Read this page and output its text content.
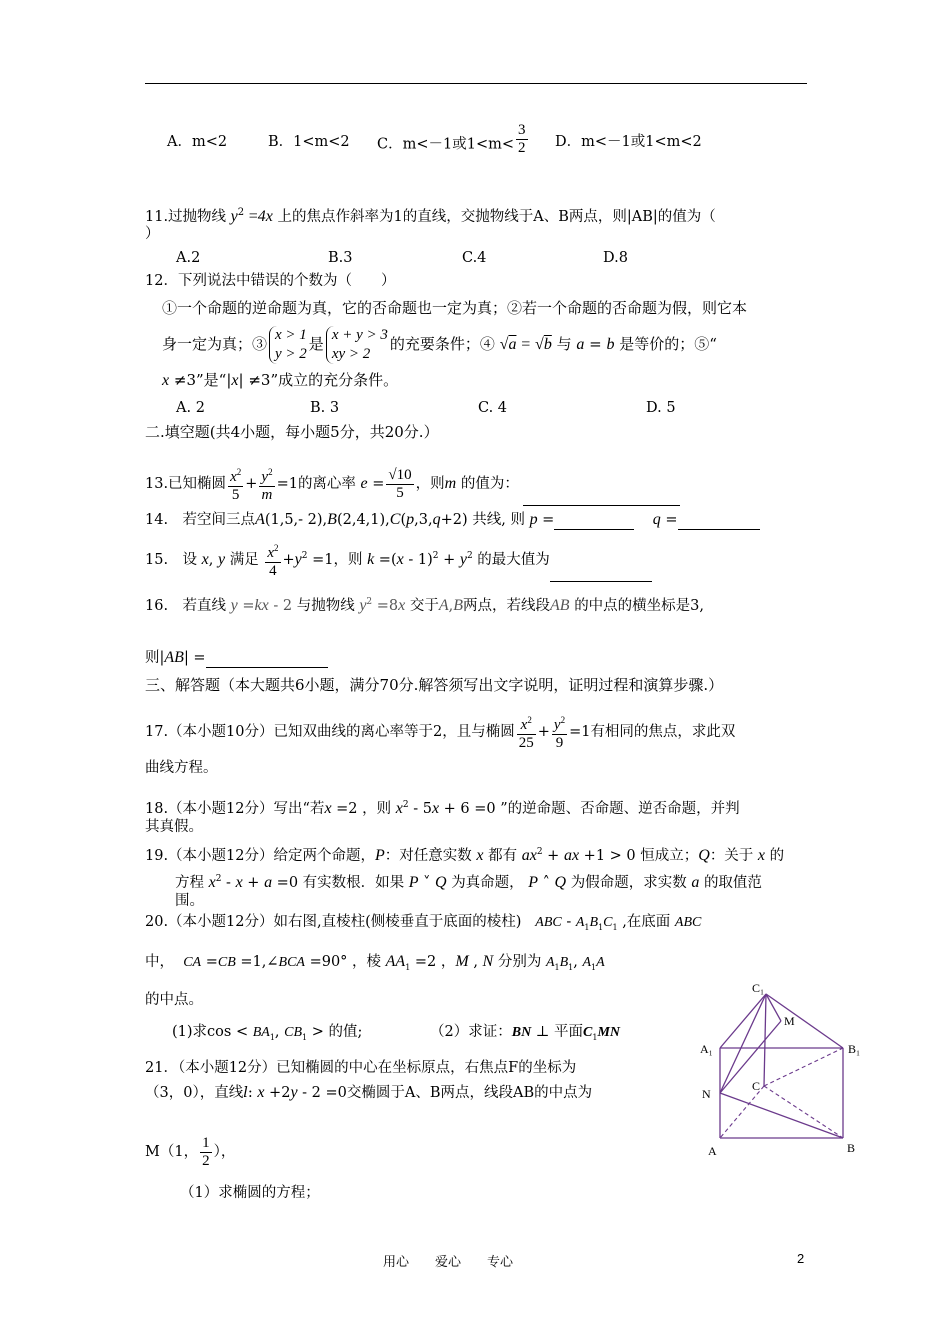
A．m<2	B．1<m<2 C．m<－1或$1<m< \frac{3}{2}$ D．m<－1或1<m<2
11.过抛物线 $y^2 =4x$ 上的焦点作斜率为1的直线，交抛物线于A、B两点，则|AB|的值为（
）
A.2	B.3	C.4	D.8
12．下列说法中错误的个数为（　　）
①一个命题的逆命题为真，它的否命题也一定为真；②若一个命题的否命题为假，则它本
身一定为真；③ x > 1
y > 2
是 x + y > 3
xy > 2
的充要条件；④ √a = √b 与 a = b 是等价的；⑤“
x ≠3”是“|x| ≠3”成立的充分条件。
A. 2	B. 3	C. 4	D. 5
二.填空题(共4小题，每小题5分，共20分.）
13.已知椭圆 $\frac{x^2}{5} + \frac{y^2}{m} =1$的离心率 $e = \frac{√10}{5}$ ，则m 的值为：
14.　若空间三点A(1,5,- 2),B(2,4,1),C(p,3,q+2) 共线, 则 p =	q =
15.　设 x, y 满足 $\frac{x^2}{4} +y^2 =1$，则 $k =(x - 1)^2 + y^2$ 的最大值为
16.　若直线 y =kx - 2 与抛物线 $y^2 =8x$ 交于A,B两点，若线段AB 的中点的横坐标是3,
则|AB| =
三、解答题（本大题共6小题，满分70分.解答须写出文字说明，证明过程和演算步骤.）
17.（本小题10分）已知双曲线的离心率等于2，且与椭圆 $\frac{x^2}{25} + \frac{y^2}{9} =1$有相同的焦点，求此双
曲线方程。
18.（本小题12分）写出“若x =2 ，则 $x^2 - 5x + 6 =0$ ”的逆命题、否命题、逆否命题，并判
其真假。
19.（本小题12分）给定两个命题，P：对任意实数 x 都有 $ax^2$ + ax +1 > 0 恒成立；Q：关于 x 的
方程 $x^2 - x + a =0$ 有实数根．如果 P ˅ Q 为真命题， P ˄ Q 为假命题，求实数 a 的取值范
围。
20.（本小题12分）如右图,直棱柱(侧棱垂直于底面的棱柱) ABC - $A_1B_1C_1$ ,在底面 ABC
中， CA =CB =1,∠BCA =90° ，棱 $AA_1 =2$ ，M , N 分别为 $A_1B_1$, $A_1A$
的中点。
(1)求$\cos < BA_1$, $CB_1$ > 的值;	（2）求证：BN ⊥ 平面$C_1MN$
21．（本小题12分）已知椭圆的中心在坐标原点，右焦点F的坐标为
（3，0），直线l: x +2y - 2 =0交椭圆于A、B两点，线段AB的中点为
M（1， $\frac{1}{2}$ ），
（1）求椭圆的方程；
C₁
M
A₁	B₁
N
C
A	B
用心　　爱心　　专心	2
